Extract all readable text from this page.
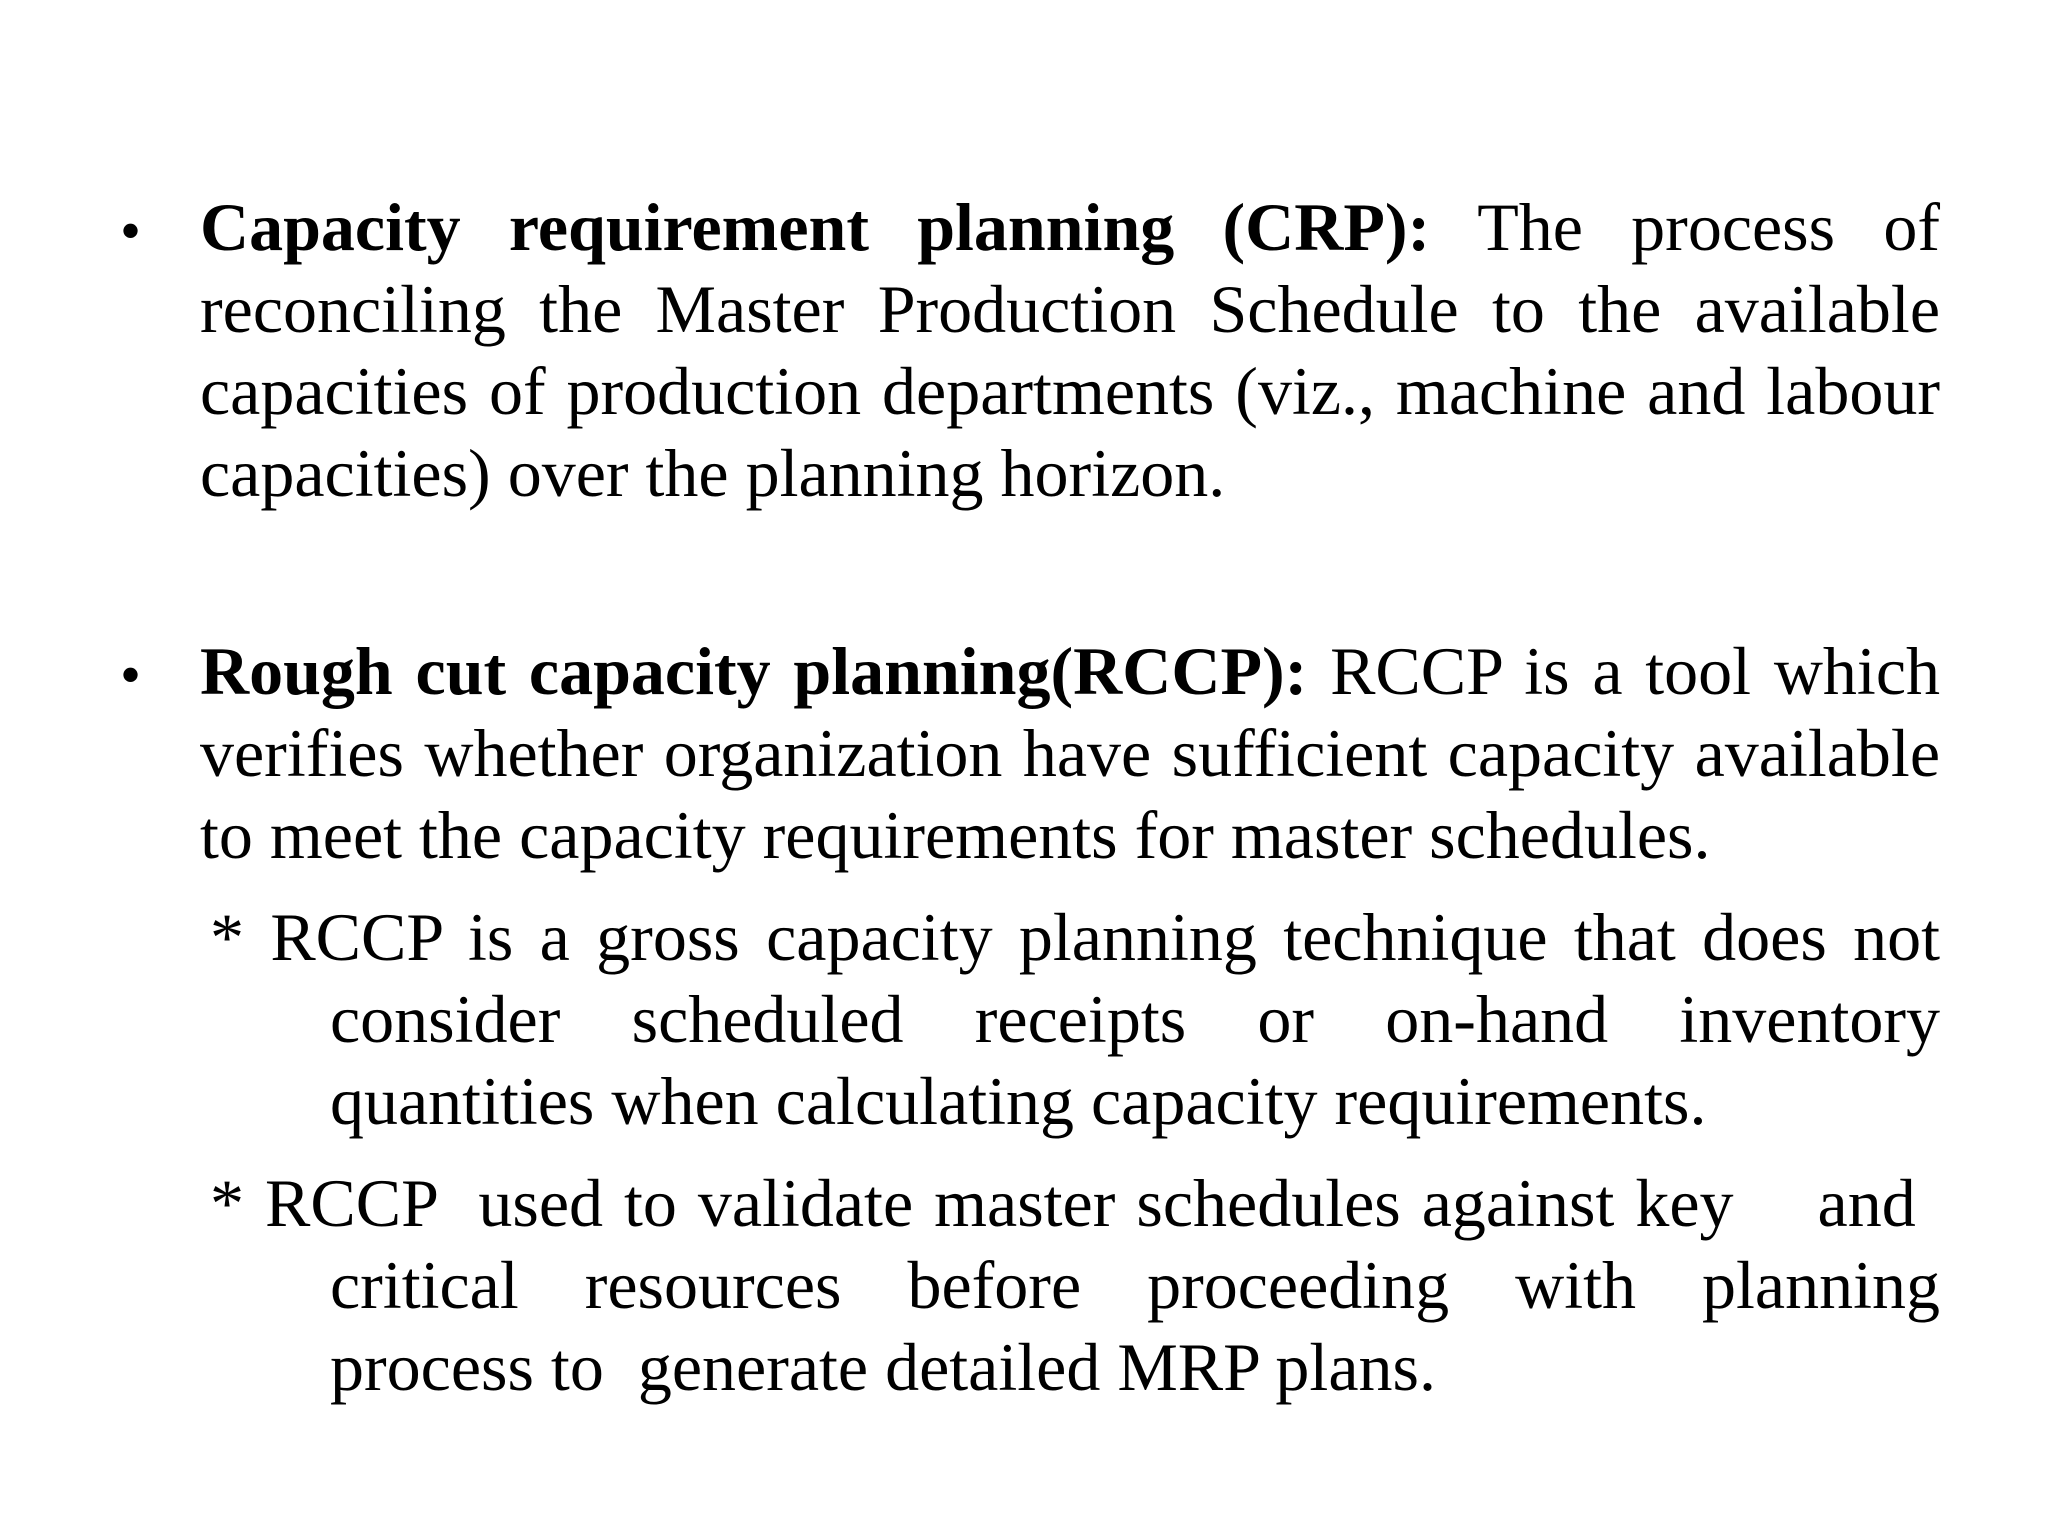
• Capacity requirement planning (CRP): The process of
reconciling the Master Production Schedule to the available
capacities of production departments (viz., machine and labour
capacities) over the planning horizon.
• Rough cut capacity planning(RCCP): RCCP is a tool which
verifies whether organization have sufficient capacity available
to meet the capacity requirements for master schedules.
* RCCP is a gross capacity planning technique that does not
consider scheduled receipts or on-hand inventory
quantities when calculating capacity requirements.
* RCCP  used to validate master schedules against key    and
critical resources before proceeding with planning
process to  generate detailed MRP plans.
